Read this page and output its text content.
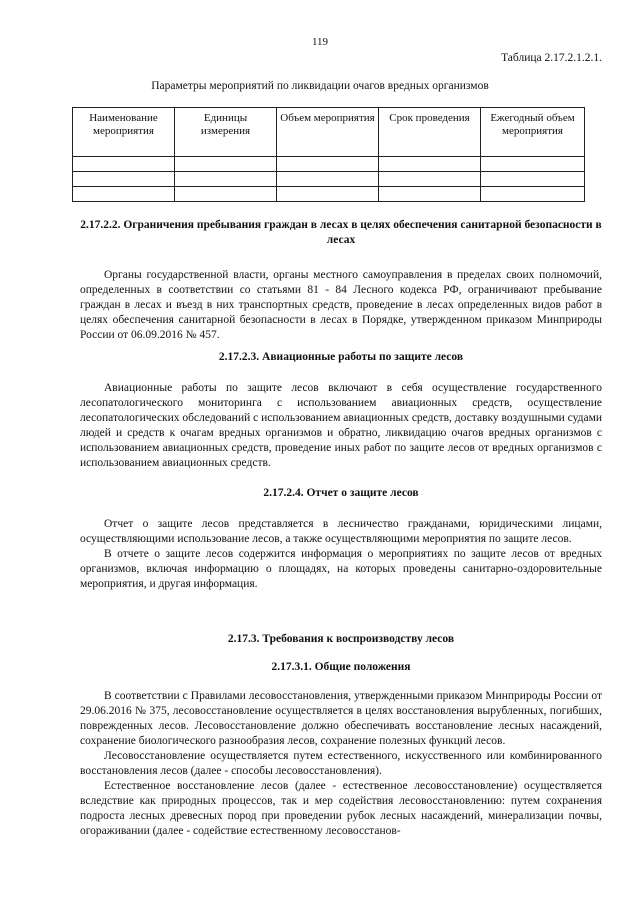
119
Таблица 2.17.2.1.2.1.
Параметры мероприятий по ликвидации очагов вредных организмов
Наименование мероприятия	Единицы измерения	Объем мероприятия	Срок проведения	Ежегодный объем мероприятия

2.17.2.2. Ограничения пребывания граждан в лесах в целях обеспечения санитарной безопасности в лесах

Органы государственной власти, органы местного самоуправления в пределах своих полномочий, определенных в соответствии со статьями 81 - 84 Лесного кодекса РФ, ограничивают пребывание граждан в лесах и въезд в них транспортных средств, проведение в лесах определенных видов работ в целях обеспечения санитарной безопасности в лесах в Порядке, утвержденном приказом Минприроды России от 06.09.2016 № 457.

2.17.2.3. Авиационные работы по защите лесов

Авиационные работы по защите лесов включают в себя осуществление государственного лесопатологического мониторинга с использованием авиационных средств, осуществление лесопатологических обследований с использованием авиационных средств, доставку воздушными судами людей и средств к очагам вредных организмов и обратно, ликвидацию очагов вредных организмов с использованием авиационных средств, проведение иных работ по защите лесов от вредных организмов с использованием авиационных средств.

2.17.2.4. Отчет о защите лесов

Отчет о защите лесов представляется в лесничество гражданами, юридическими лицами, осуществляющими использование лесов, а также осуществляющими мероприятия по защите лесов.

В отчете о защите лесов содержится информация о мероприятиях по защите лесов от вредных организмов, включая информацию о площадях, на которых проведены санитарно-оздоровительные мероприятия, и другая информация.

2.17.3. Требования к воспроизводству лесов
2.17.3.1. Общие положения

В соответствии с Правилами лесовосстановления, утвержденными приказом Минприроды России от 29.06.2016 № 375, лесовосстановление осуществляется в целях восстановления вырубленных, погибших, поврежденных лесов. Лесовосстановление должно обеспечивать восстановление лесных насаждений, сохранение биологического разнообразия лесов, сохранение полезных функций лесов.

Лесовосстановление осуществляется путем естественного, искусственного или комбинированного восстановления лесов (далее - способы лесовосстановления).

Естественное восстановление лесов (далее - естественное лесовосстановление) осуществляется вследствие как природных процессов, так и мер содействия лесовосстановлению: путем сохранения подроста лесных древесных пород при проведении рубок лесных насаждений, минерализации почвы, огораживании (далее - содействие естественному лесовосстанов-
